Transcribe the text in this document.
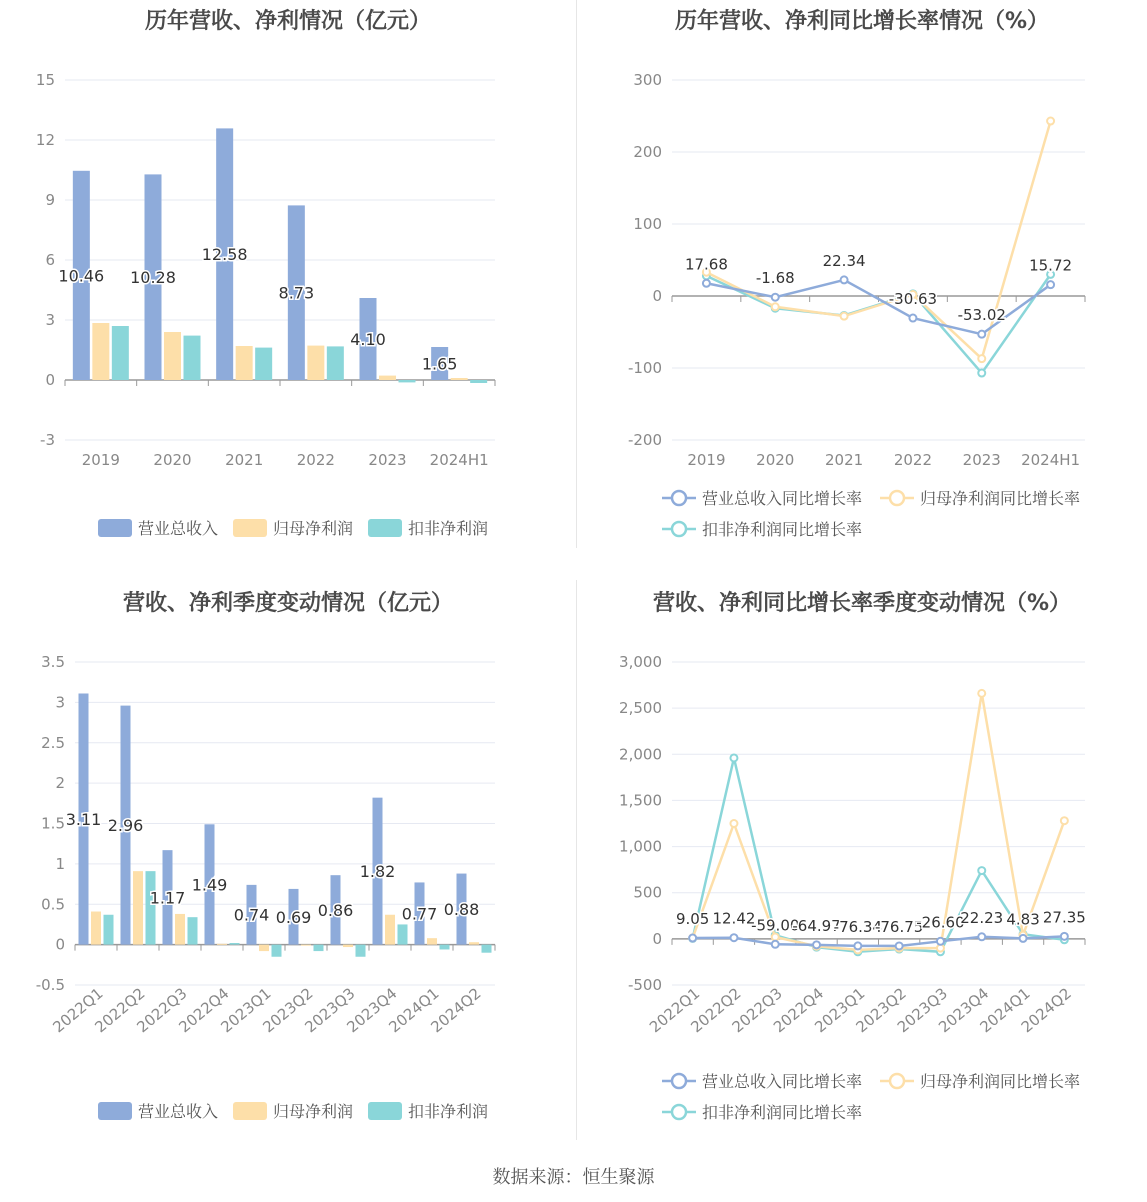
历年营收、净利情况（亿元）
15
12
9
6
3
0
-3
2019 2020 2021 2022 2023 2024H1
10.46 10.28
12.58
8.73
4.10
1.65
营业总收入	归母净利润	扣非净利润
历年营收、净利同比增长率情况（%）
300
200
100
0
-100
-200
2019 2020 2021 2022 2023 2024H1
17.68
-1.68
22.34
-30.63
-53.02
15.72
营业总收入同比增长率	归母净利润同比增长率
扣非净利润同比增长率
营收、净利季度变动情况（亿元）
3.5
3
2.5
2
1.5
1
0.5
0
-0.5
2022Q1
2022Q2
2022Q3
2022Q4
2023Q1
2023Q2
2023Q3
2023Q4
2024Q1
2024Q2
3.11 2.96
1.17
1.49
0.74 0.69 0.86
1.82
0.77 0.88
营业总收入	归母净利润	扣非净利润
营收、净利同比增长率季度变动情况（%）
3,000
2,500
2,000
1,500
1,000
500
0
-500
2022Q1
2022Q2
2022Q3
2022Q4
2023Q1
2023Q2
2023Q3
2023Q4
2024Q1
2024Q2
9.05 12.42
-59.00
-64.97
-76.34
-76.75
-26.60
22.23 4.83 27.35
营业总收入同比增长率	归母净利润同比增长率
扣非净利润同比增长率
数据来源：恒生聚源
